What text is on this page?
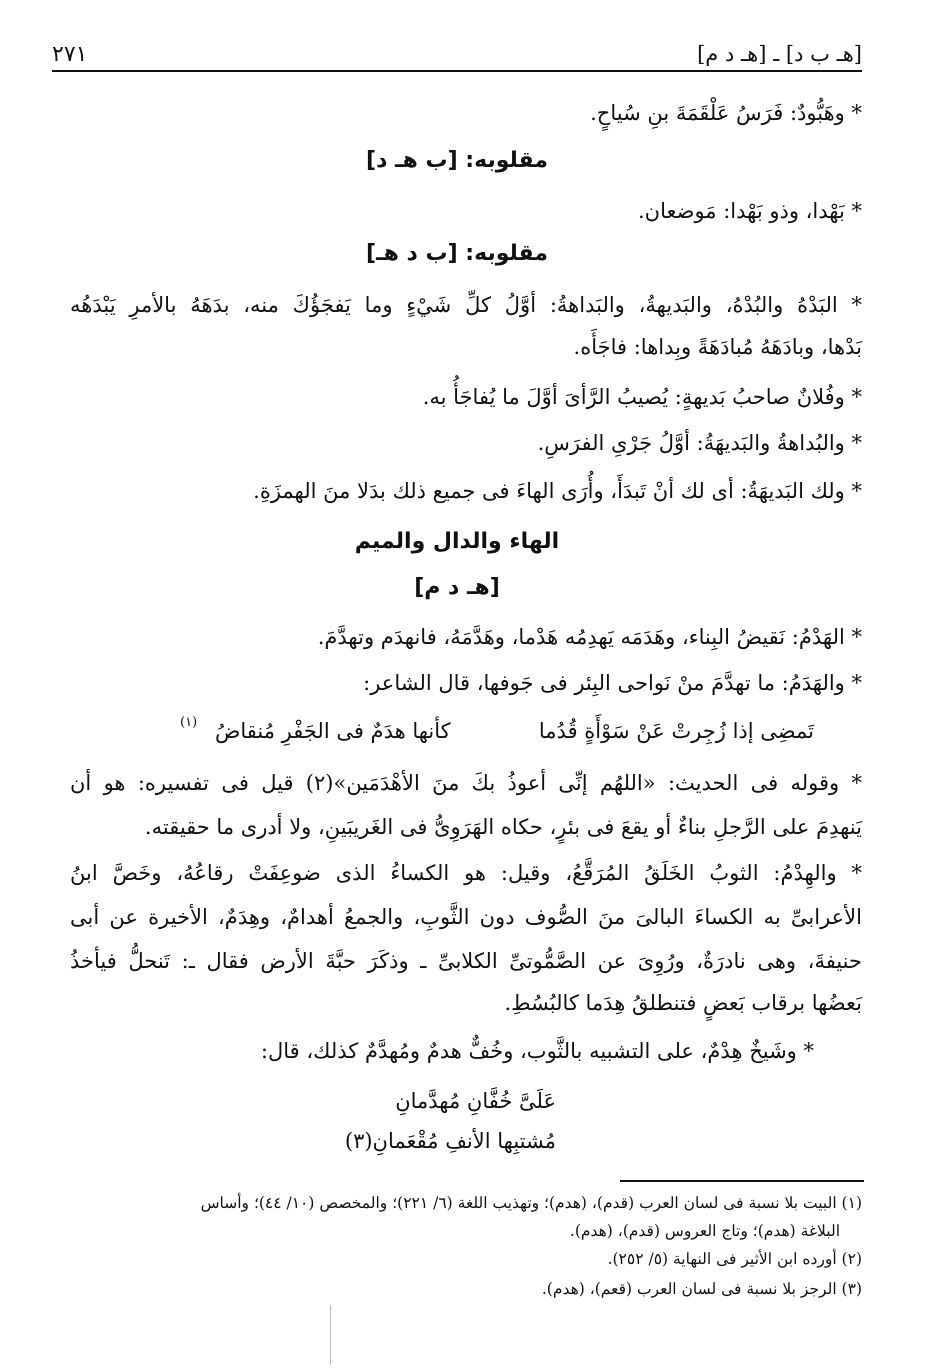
[هـ ب د] ـ [هـ د م]
٢٧١
* وهَبُّودٌ: فَرَسُ عَلْقَمَةَ بنِ سُياحٍ.
مقلوبه: [ب هـ د]
* بَهْدا، وذو بَهْدا: مَوضعان.
مقلوبه: [ب د هـ]
* البَدْهُ والبُدْهُ، والبَديهةُ، والبَداهةُ: أوَّلُ كلِّ شَيْءٍ وما يَفجَؤُكَ منه، بدَهَهُ بالأمرِ يَبْدَهُه
بَدْها، وبادَهَهُ مُبادَهَةً وبِداها: فاجَأَه.
* وفُلانٌ صاحبُ بَديهةٍ: يُصيبُ الرَّأىَ أوَّلَ ما يُفاجَأُ به.
* والبُداهةُ والبَديهَةُ: أوَّلُ جَرْىِ الفرَسِ.
* ولك البَديهَةُ: أى لك أنْ تَبدَأَ، وأُرَى الهاءَ فى جميع ذلك بدَلا منَ الهمزَةِ.
الهاء والدال والميم
[هـ د م]
* الهَدْمُ: نَقيضُ البِناء، وهَدَمَه يَهدِمُه هَدْما، وهَدَّمَهُ، فانهدَم وتهدَّمَ.
* والهَدَمُ: ما تهدَّمَ منْ نَواحى البِئر فى جَوفها، قال الشاعر:
تَمضِى إذا زُجِرتْ عَنْ سَوْأَةٍ قُدُما
كأنها هدَمٌ فى الجَفْرِ مُنقاضُ
(١)
* وقوله فى الحديث: «اللهُم إنِّى أعوذُ بكَ منَ الأهْدَمَين»(٢) قيل فى تفسيره: هو أن
يَنهدِمَ على الرَّجلِ بناءٌ أو يقعَ فى بئرٍ، حكاه الهَرَوِىُّ فى الغَريبَينِ، ولا أدرى ما حقيقته.
* والهِدْمُ: الثوبُ الخَلَقُ المُرَقَّعُ، وقيل: هو الكساءُ الذى ضوعِفَتْ رقاعُهُ، وخَصَّ ابنُ
الأعرابىِّ به الكساءَ البالىَ منَ الصُّوف دون الثَّوبِ، والجمعُ أهدامٌ، وهِدَمٌ، الأخيرة عن أبى
حنيفةَ، وهى نادرَةٌ، ورُوِىَ عن الصَّمُّوتىِّ الكلابىِّ ـ وذكَرَ حبَّةَ الأرض فقال ـ: تَنحلُّ فيأخذُ
بَعضُها برقاب بَعضٍ فتنطلقُ هِدَما كالبُسُطِ.
* وشَيخٌ هِدْمٌ، على التشبيه بالثَّوب، وخُفٌّ هدمٌ ومُهدَّمٌ كذلك، قال:
عَلَىَّ خُفَّانِ مُهدَّمانِ
مُشتبِها الأنفِ مُقْعَمانِ(٣)
(١) البيت بلا نسبة فى لسان العرب (قدم)، (هدم)؛ وتهذيب اللغة (٦/ ٢٢١)؛ والمخصص (١٠/ ٤٤)؛ وأساس
البلاغة (هدم)؛ وتاج العروس (قدم)، (هدم).
(٢) أورده ابن الأثير فى النهاية (٥/ ٢٥٢).
(٣) الرجز بلا نسبة فى لسان العرب (قعم)، (هدم).
